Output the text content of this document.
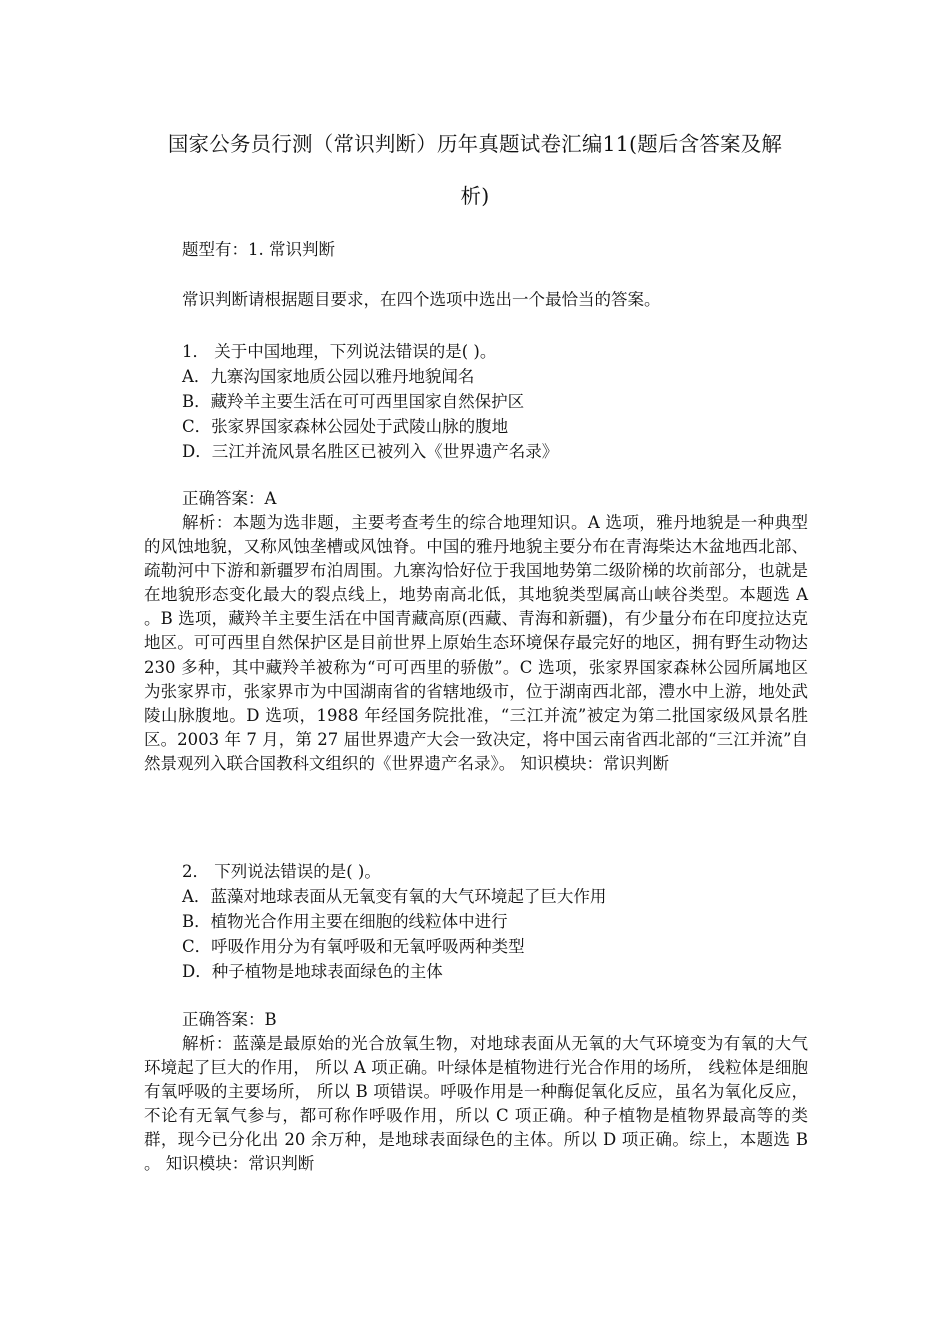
国家公务员行测（常识判断）历年真题试卷汇编11(题后含答案及解
析)
题型有：1. 常识判断
常识判断请根据题目要求，在四个选项中选出一个最恰当的答案。
1． 关于中国地理，下列说法错误的是( )。
A．九寨沟国家地质公园以雅丹地貌闻名
B．藏羚羊主要生活在可可西里国家自然保护区
C．张家界国家森林公园处于武陵山脉的腹地
D．三江并流风景名胜区已被列入《世界遗产名录》
正确答案：A
解析：本题为选非题，主要考查考生的综合地理知识。A 选项，雅丹地貌是一种典型的风蚀地貌，又称风蚀垄槽或风蚀脊。中国的雅丹地貌主要分布在青海柴达木盆地西北部、疏勒河中下游和新疆罗布泊周围。九寨沟恰好位于我国地势第二级阶梯的坎前部分，也就是在地貌形态变化最大的裂点线上，地势南高北低，其地貌类型属高山峡谷类型。本题选 A 。B 选项，藏羚羊主要生活在中国青藏高原(西藏、青海和新疆)，有少量分布在印度拉达克地区。可可西里自然保护区是目前世界上原始生态环境保存最完好的地区，拥有野生动物达 230 多种，其中藏羚羊被称为“可可西里的骄傲”。C 选项，张家界国家森林公园所属地区为张家界市，张家界市为中国湖南省的省辖地级市，位于湖南西北部，澧水中上游，地处武陵山脉腹地。D 选项，1988 年经国务院批准，“三江并流”被定为第二批国家级风景名胜区。2003 年 7 月，第 27 届世界遗产大会一致决定，将中国云南省西北部的“三江并流”自然景观列入联合国教科文组织的《世界遗产名录》。 知识模块：常识判断
2． 下列说法错误的是( )。
A．蓝藻对地球表面从无氧变有氧的大气环境起了巨大作用
B．植物光合作用主要在细胞的线粒体中进行
C．呼吸作用分为有氧呼吸和无氧呼吸两种类型
D．种子植物是地球表面绿色的主体
正确答案：B
解析：蓝藻是最原始的光合放氧生物，对地球表面从无氧的大气环境变为有氧的大气环境起了巨大的作用， 所以 A 项正确。叶绿体是植物进行光合作用的场所， 线粒体是细胞有氧呼吸的主要场所， 所以 B 项错误。呼吸作用是一种酶促氧化反应，虽名为氧化反应，不论有无氧气参与，都可称作呼吸作用，所以 C 项正确。种子植物是植物界最高等的类群，现今已分化出 20 余万种，是地球表面绿色的主体。所以 D 项正确。综上，本题选 B 。 知识模块：常识判断
